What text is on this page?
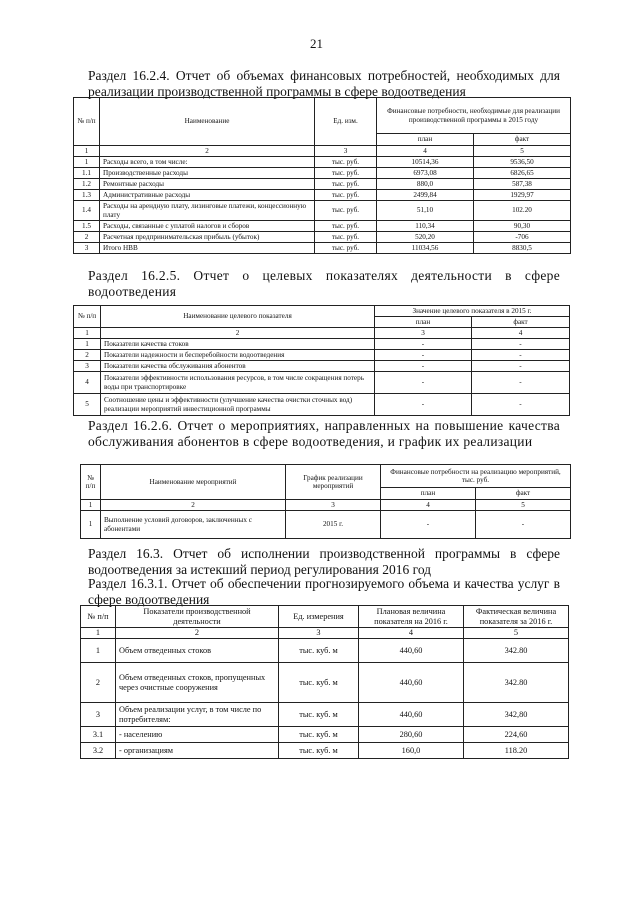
21
Раздел 16.2.4. Отчет об объемах финансовых потребностей, необходимых для реализации производственной программы в сфере водоотведения
№ п/п	Наименование	Ед. изм.	Финансовые потребности, необходимые для реализации производственной программы в 2015 году	
			план	факт
1	2	3	4	5
1	Расходы всего, в том числе:	тыс. руб.	10514,36	9536,50
1.1	Производственные расходы	тыс. руб.	6973,08	6826,65
1.2	Ремонтные расходы	тыс. руб.	880,0	587,38
1.3	Административные расходы	тыс. руб.	2499,84	1929,97
1.4	Расходы на арендную плату, лизинговые платежи, концессионную плату	тыс. руб.	51,10	102.20
1.5	Расходы, связанные с уплатой налогов и сборов	тыс. руб.	110,34	90,30
2	Расчетная предпринимательская прибыль (убыток)	тыс. руб.	520,20	-706
3	Итого НВВ	тыс. руб.	11034,56	8830,5
Раздел 16.2.5. Отчет о целевых показателях деятельности в сфере водоотведения
№ п/п	Наименование целевого показателя	Значение целевого показателя в 2015 г.	
		план	факт
1	2	3	4
1	Показатели качества стоков	-	-
2	Показатели надежности и бесперебойности водоотведения	-	-
3	Показатели качества обслуживания абонентов	-	-
4	Показатели эффективности использования ресурсов, в том числе сокращения потерь воды при транспортировке	-	-
5	Соотношение цены и эффективности (улучшение качества очистки сточных вод) реализации мероприятий инвестиционной программы	-	-
Раздел 16.2.6. Отчет о мероприятиях, направленных на повышение качества обслуживания абонентов в сфере водоотведения, и график их реализации
№ п/п	Наименование мероприятий	График реализации мероприятий	Финансовые потребности на реализацию мероприятий, тыс. руб.	
			план	факт
1	2	3	4	5
1	Выполнение условий договоров, заключенных с абонентами	2015 г.	-	-
Раздел 16.3. Отчет об исполнении производственной программы в сфере водоотведения за истекший период регулирования 2016 год
Раздел 16.3.1. Отчет об обеспечении прогнозируемого объема и качества услуг в сфере водоотведения
№ п/п	Показатели производственной деятельности	Ед. измерения	Плановая величина показателя на 2016 г.	Фактическая величина показателя за 2016 г.
1	2	3	4	5
1	Объем отведенных стоков	тыс. куб. м	440,60	342.80
2	Объем отведенных стоков, пропущенных через очистные сооружения	тыс. куб. м	440,60	342.80
3	Объем реализации услуг, в том числе по потребителям:	тыс. куб. м	440,60	342,80
3.1	- населению	тыс. куб. м	280,60	224,60
3.2	- организациям	тыс. куб. м	160,0	118.20
